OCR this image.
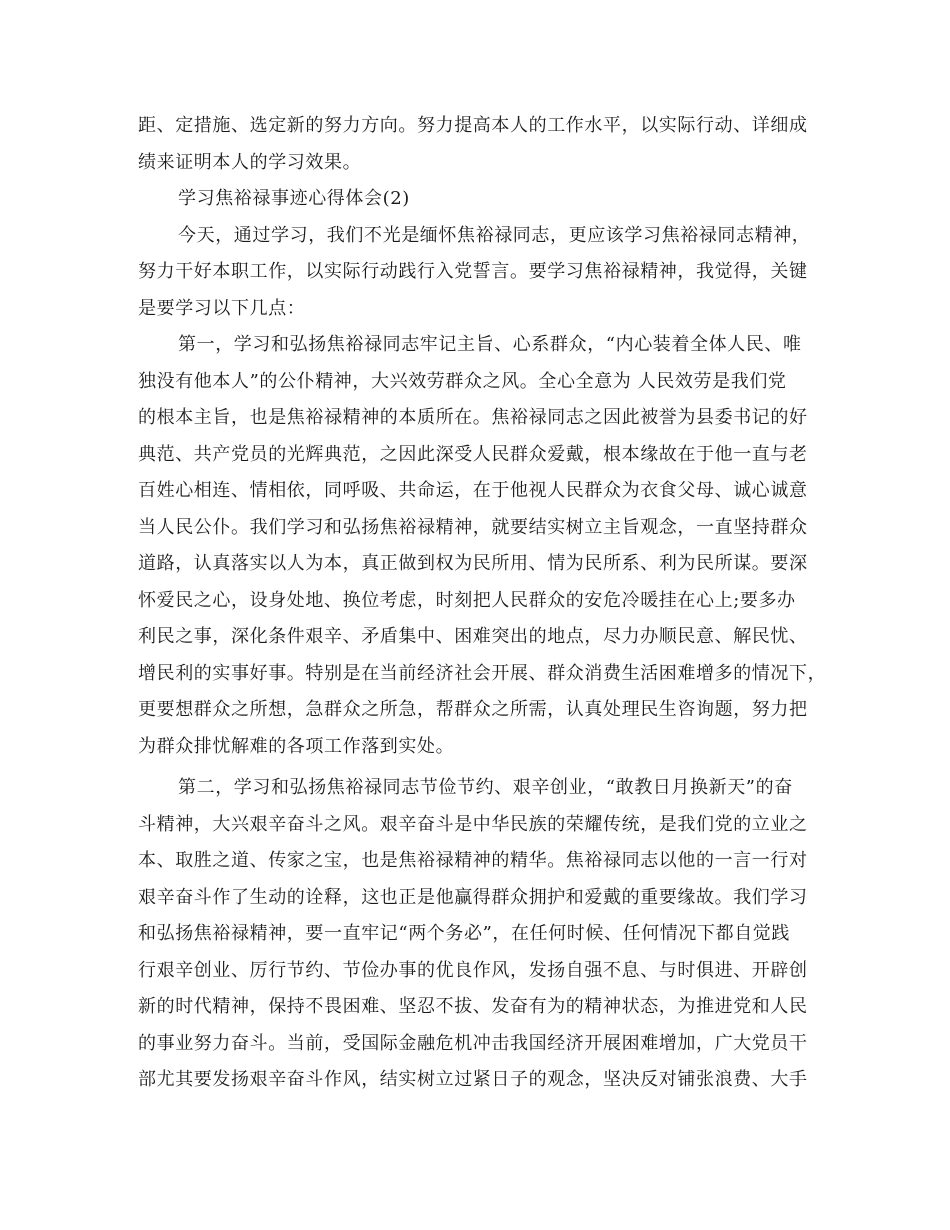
距、定措施、选定新的努力方向。努力提高本人的工作水平，以实际行动、详细成
绩来证明本人的学习效果。
学习焦裕禄事迹心得体会(2)
今天，通过学习，我们不光是缅怀焦裕禄同志，更应该学习焦裕禄同志精神，
努力干好本职工作，以实际行动践行入党誓言。要学习焦裕禄精神，我觉得，关键
是要学习以下几点：
第一，学习和弘扬焦裕禄同志牢记主旨、心系群众，“内心装着全体人民、唯
独没有他本人”的公仆精神，大兴效劳群众之风。全心全意为 人民效劳是我们党
的根本主旨，也是焦裕禄精神的本质所在。焦裕禄同志之因此被誉为县委书记的好
典范、共产党员的光辉典范，之因此深受人民群众爱戴，根本缘故在于他一直与老
百姓心相连、情相依，同呼吸、共命运，在于他视人民群众为衣食父母、诚心诚意
当人民公仆。我们学习和弘扬焦裕禄精神，就要结实树立主旨观念，一直坚持群众
道路，认真落实以人为本，真正做到权为民所用、情为民所系、利为民所谋。要深
怀爱民之心，设身处地、换位考虑，时刻把人民群众的安危冷暖挂在心上;要多办
利民之事，深化条件艰辛、矛盾集中、困难突出的地点，尽力办顺民意、解民忧、
增民利的实事好事。特别是在当前经济社会开展、群众消费生活困难增多的情况下，
更要想群众之所想，急群众之所急，帮群众之所需，认真处理民生咨询题，努力把
为群众排忧解难的各项工作落到实处。
第二，学习和弘扬焦裕禄同志节俭节约、艰辛创业，“敢教日月换新天”的奋
斗精神，大兴艰辛奋斗之风。艰辛奋斗是中华民族的荣耀传统，是我们党的立业之
本、取胜之道、传家之宝，也是焦裕禄精神的精华。焦裕禄同志以他的一言一行对
艰辛奋斗作了生动的诠释，这也正是他赢得群众拥护和爱戴的重要缘故。我们学习
和弘扬焦裕禄精神，要一直牢记“两个务必”，在任何时候、任何情况下都自觉践
行艰辛创业、厉行节约、节俭办事的优良作风，发扬自强不息、与时俱进、开辟创
新的时代精神，保持不畏困难、坚忍不拔、发奋有为的精神状态，为推进党和人民
的事业努力奋斗。当前，受国际金融危机冲击我国经济开展困难增加，广大党员干
部尤其要发扬艰辛奋斗作风，结实树立过紧日子的观念，坚决反对铺张浪费、大手
